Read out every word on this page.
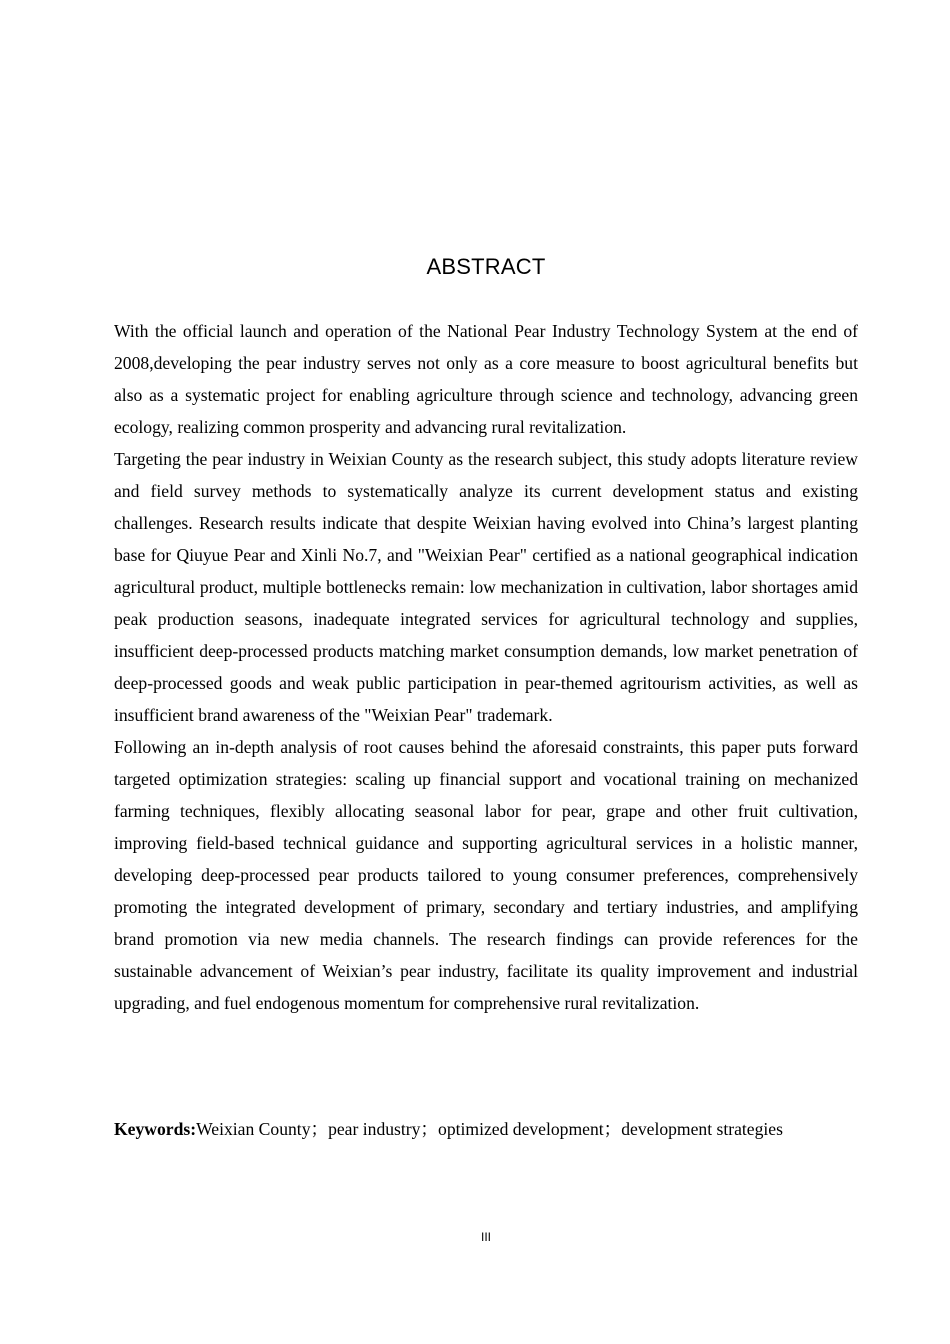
ABSTRACT

With the official launch and operation of the National Pear Industry Technology System at the end of 2008,developing the pear industry serves not only as a core measure to boost agricultural benefits but also as a systematic project for enabling agriculture through science and technology, advancing green ecology, realizing common prosperity and advancing rural revitalization.

Targeting the pear industry in Weixian County as the research subject, this study adopts literature review and field survey methods to systematically analyze its current development status and existing challenges. Research results indicate that despite Weixian having evolved into China’s largest planting base for Qiuyue Pear and Xinli No.7, and "Weixian Pear" certified as a national geographical indication agricultural product, multiple bottlenecks remain: low mechanization in cultivation, labor shortages amid peak production seasons, inadequate integrated services for agricultural technology and supplies, insufficient deep-processed products matching market consumption demands, low market penetration of deep-processed goods and weak public participation in pear-themed agritourism activities, as well as insufficient brand awareness of the "Weixian Pear" trademark.

Following an in-depth analysis of root causes behind the aforesaid constraints, this paper puts forward targeted optimization strategies: scaling up financial support and vocational training on mechanized farming techniques, flexibly allocating seasonal labor for pear, grape and other fruit cultivation, improving field-based technical guidance and supporting agricultural services in a holistic manner, developing deep-processed pear products tailored to young consumer preferences, comprehensively promoting the integrated development of primary, secondary and tertiary industries, and amplifying brand promotion via new media channels. The research findings can provide references for the sustainable advancement of Weixian’s pear industry, facilitate its quality improvement and industrial upgrading, and fuel endogenous momentum for comprehensive rural revitalization.

Keywords:Weixian County；pear industry；optimized development；development strategies
III
